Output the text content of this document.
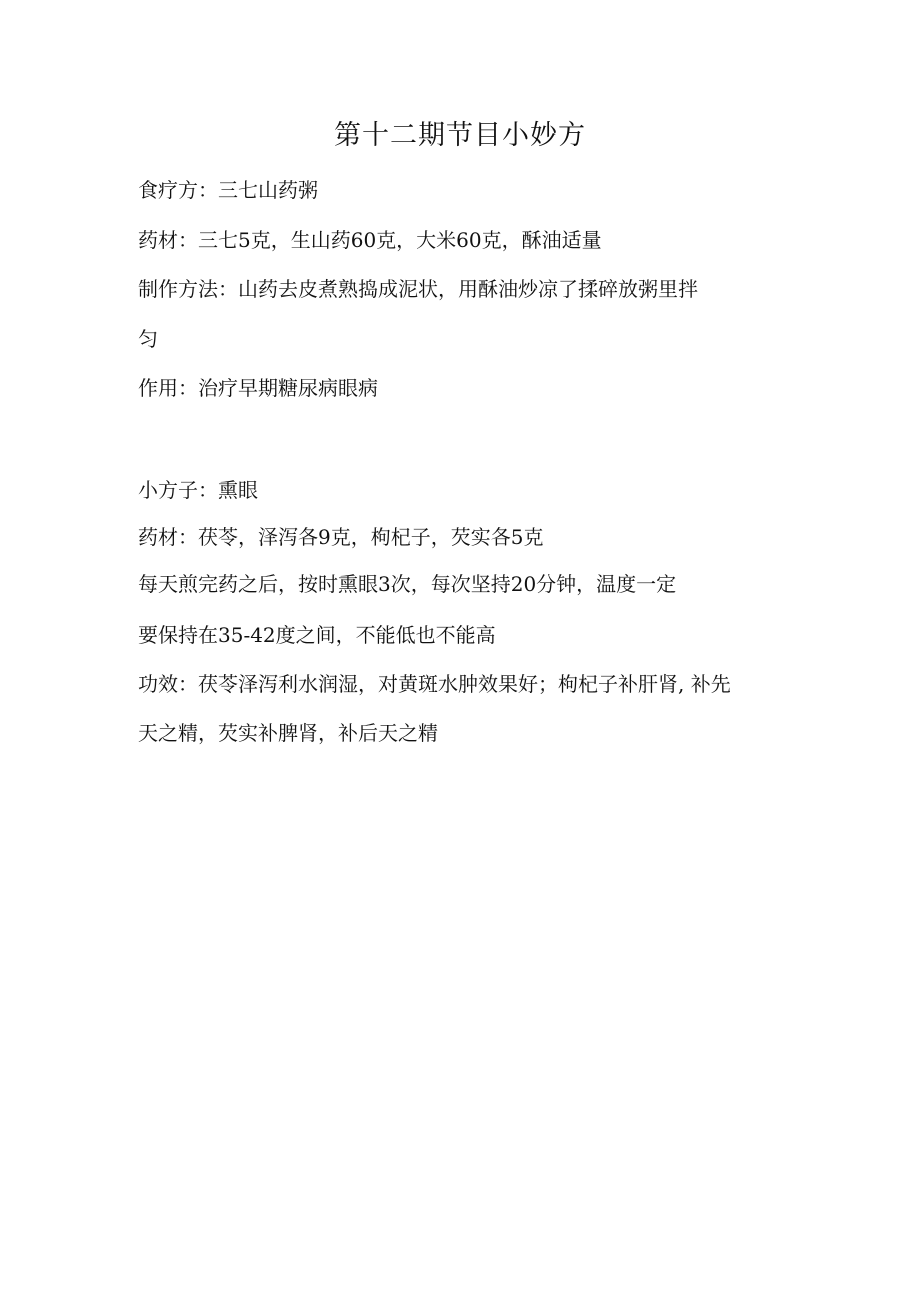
第十二期节目小妙方
食疗方：三七山药粥
药材：三七5克，生山药60克，大米60克，酥油适量
制作方法：山药去皮煮熟捣成泥状，用酥油炒凉了揉碎放粥里拌
匀
作用：治疗早期糖尿病眼病
小方子：熏眼
药材：茯苓，泽泻各9克，枸杞子，芡实各5克
每天煎完药之后，按时熏眼3次，每次坚持20分钟，温度一定
要保持在35-42度之间，不能低也不能高
功效：茯苓泽泻利水润湿，对黄斑水肿效果好；枸杞子补肝肾, 补先
天之精，芡实补脾肾，补后天之精
